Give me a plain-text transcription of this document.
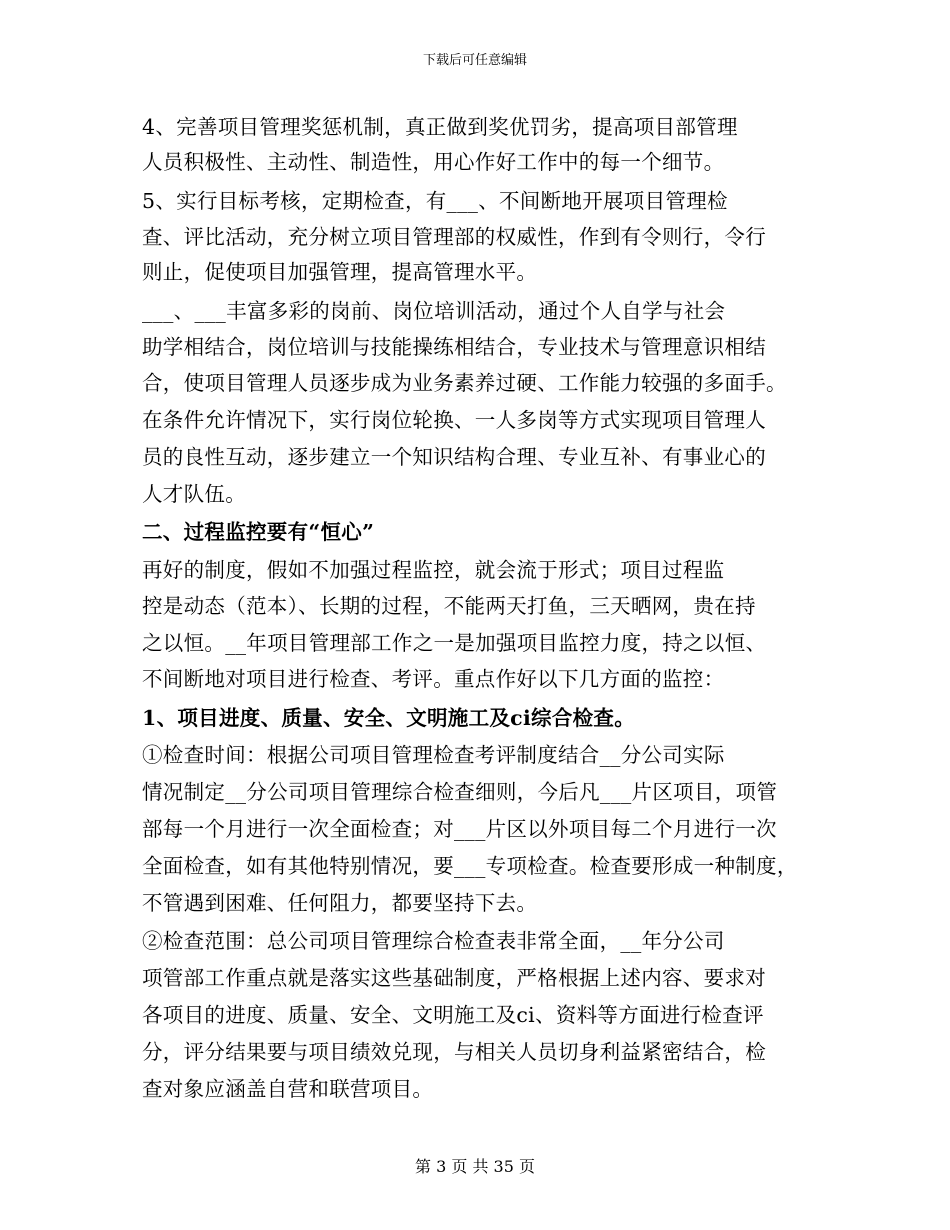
下载后可任意编辑
4、完善项目管理奖惩机制，真正做到奖优罚劣，提高项目部管理
人员积极性、主动性、制造性，用心作好工作中的每一个细节。
5、实行目标考核，定期检查，有___、不间断地开展项目管理检
查、评比活动，充分树立项目管理部的权威性，作到有令则行，令行
则止，促使项目加强管理，提高管理水平。
___、___丰富多彩的岗前、岗位培训活动，通过个人自学与社会
助学相结合，岗位培训与技能操练相结合，专业技术与管理意识相结
合，使项目管理人员逐步成为业务素养过硬、工作能力较强的多面手。
在条件允许情况下，实行岗位轮换、一人多岗等方式实现项目管理人
员的良性互动，逐步建立一个知识结构合理、专业互补、有事业心的
人才队伍。
二、过程监控要有“恒心”
再好的制度，假如不加强过程监控，就会流于形式；项目过程监
控是动态（范本）、长期的过程，不能两天打鱼，三天晒网，贵在持
之以恒。__年项目管理部工作之一是加强项目监控力度，持之以恒、
不间断地对项目进行检查、考评。重点作好以下几方面的监控：
1、项目进度、质量、安全、文明施工及ci综合检查。
①检查时间：根据公司项目管理检查考评制度结合__分公司实际
情况制定__分公司项目管理综合检查细则，今后凡___片区项目，项管
部每一个月进行一次全面检查；对___片区以外项目每二个月进行一次
全面检查，如有其他特别情况，要___专项检查。检查要形成一种制度，
不管遇到困难、任何阻力，都要坚持下去。
②检查范围：总公司项目管理综合检查表非常全面，__年分公司
项管部工作重点就是落实这些基础制度，严格根据上述内容、要求对
各项目的进度、质量、安全、文明施工及ci、资料等方面进行检查评
分，评分结果要与项目绩效兑现，与相关人员切身利益紧密结合，检
查对象应涵盖自营和联营项目。
第 3 页 共 35 页
